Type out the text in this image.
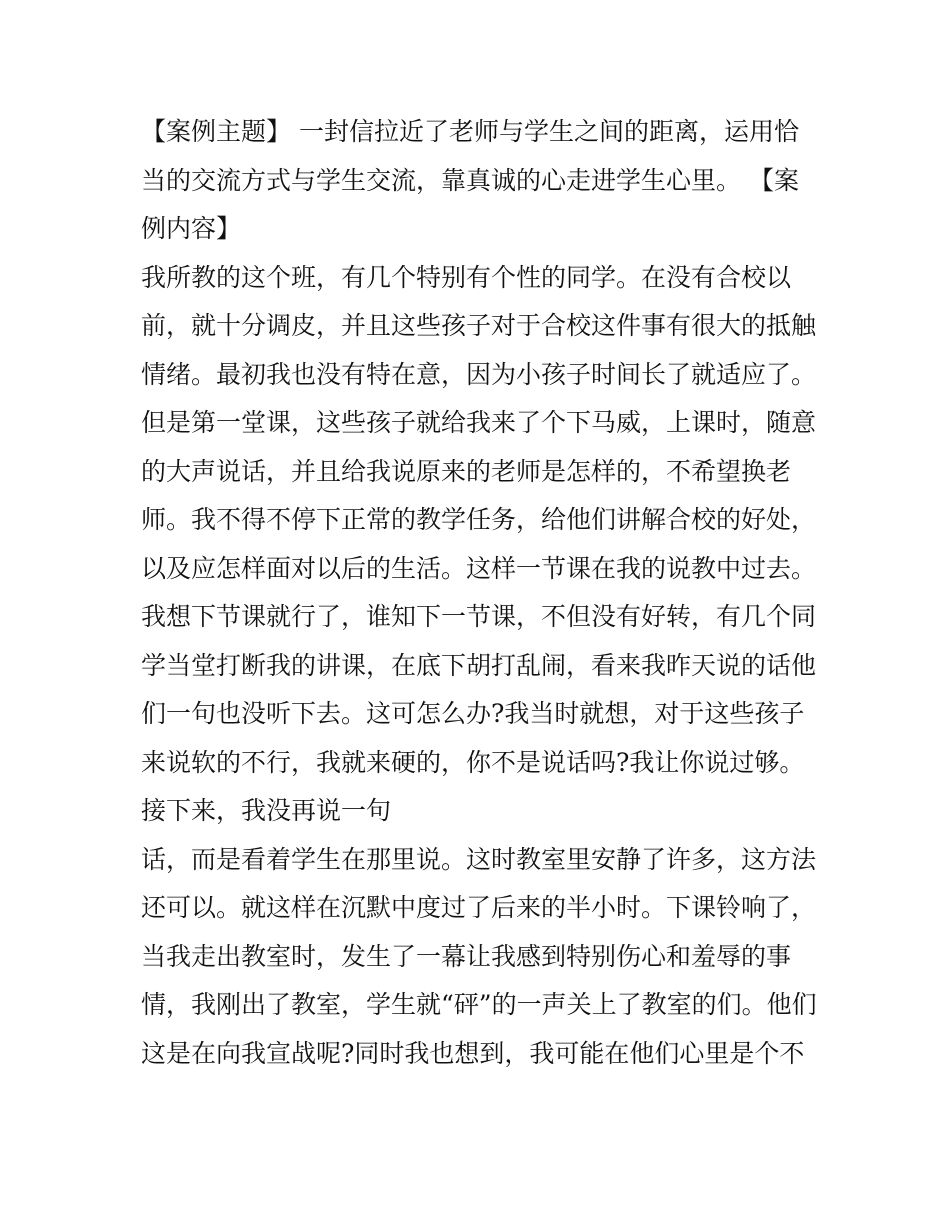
【案例主题】 一封信拉近了老师与学生之间的距离，运用恰
当的交流方式与学生交流，靠真诚的心走进学生心里。 【案
例内容】
我所教的这个班，有几个特别有个性的同学。在没有合校以
前，就十分调皮，并且这些孩子对于合校这件事有很大的抵触
情绪。最初我也没有特在意，因为小孩子时间长了就适应了。
但是第一堂课，这些孩子就给我来了个下马威，上课时，随意
的大声说话，并且给我说原来的老师是怎样的，不希望换老
师。我不得不停下正常的教学任务，给他们讲解合校的好处，
以及应怎样面对以后的生活。这样一节课在我的说教中过去。
我想下节课就行了，谁知下一节课，不但没有好转，有几个同
学当堂打断我的讲课，在底下胡打乱闹，看来我昨天说的话他
们一句也没听下去。这可怎么办?我当时就想，对于这些孩子
来说软的不行，我就来硬的，你不是说话吗?我让你说过够。
接下来，我没再说一句
话，而是看着学生在那里说。这时教室里安静了许多，这方法
还可以。就这样在沉默中度过了后来的半小时。下课铃响了，
当我走出教室时，发生了一幕让我感到特别伤心和羞辱的事
情，我刚出了教室，学生就“砰”的一声关上了教室的们。他们
这是在向我宣战呢?同时我也想到，我可能在他们心里是个不
